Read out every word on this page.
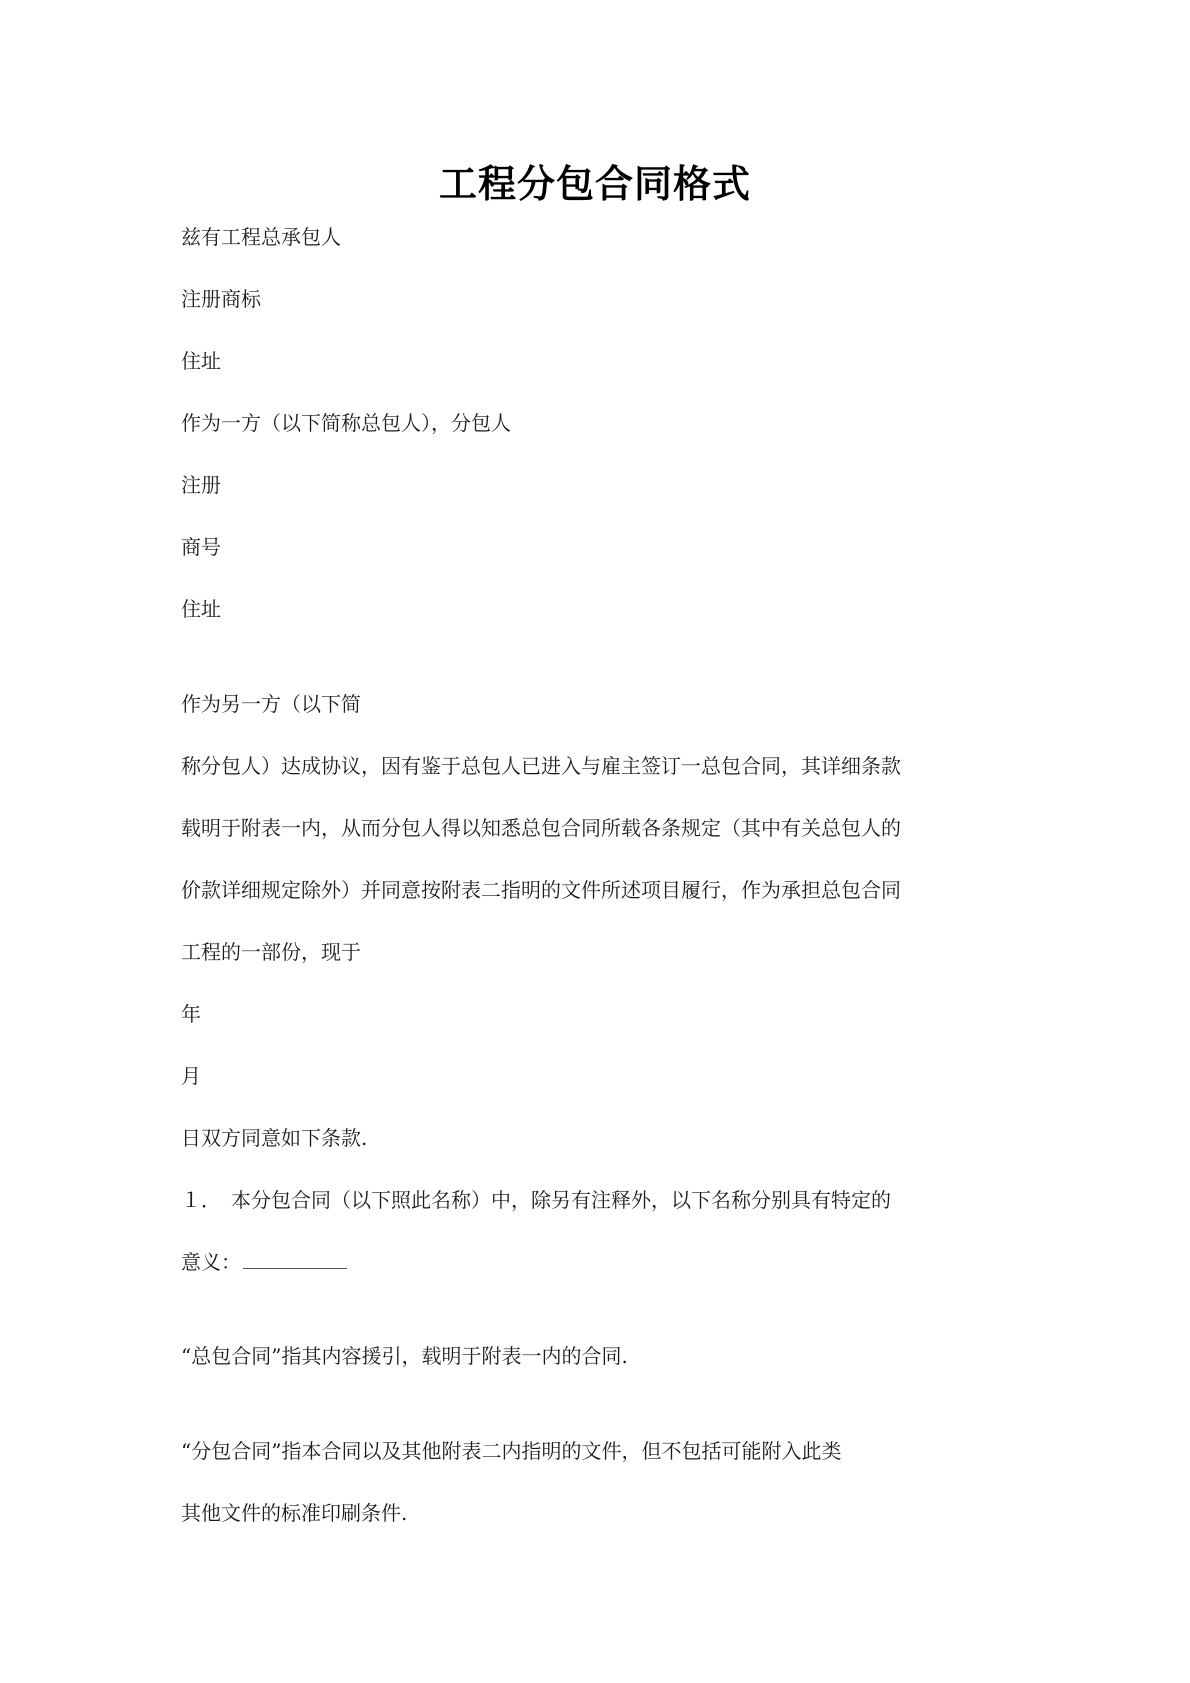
工程分包合同格式
兹有工程总承包人
注册商标
住址
作为一方（以下简称总包人），分包人
注册
商号
住址
作为另一方（以下简
称分包人）达成协议，因有鉴于总包人已进入与雇主签订一总包合同，其详细条款
载明于附表一内，从而分包人得以知悉总包合同所载各条规定（其中有关总包人的
价款详细规定除外）并同意按附表二指明的文件所述项目履行，作为承担总包合同
工程的一部份，现于
年
月
日双方同意如下条款.
１．　本分包合同（以下照此名称）中，除另有注释外，以下名称分别具有特定的
意义：
“总包合同”指其内容援引，载明于附表一内的合同.
“分包合同”指本合同以及其他附表二内指明的文件，但不包括可能附入此类
其他文件的标准印刷条件.
